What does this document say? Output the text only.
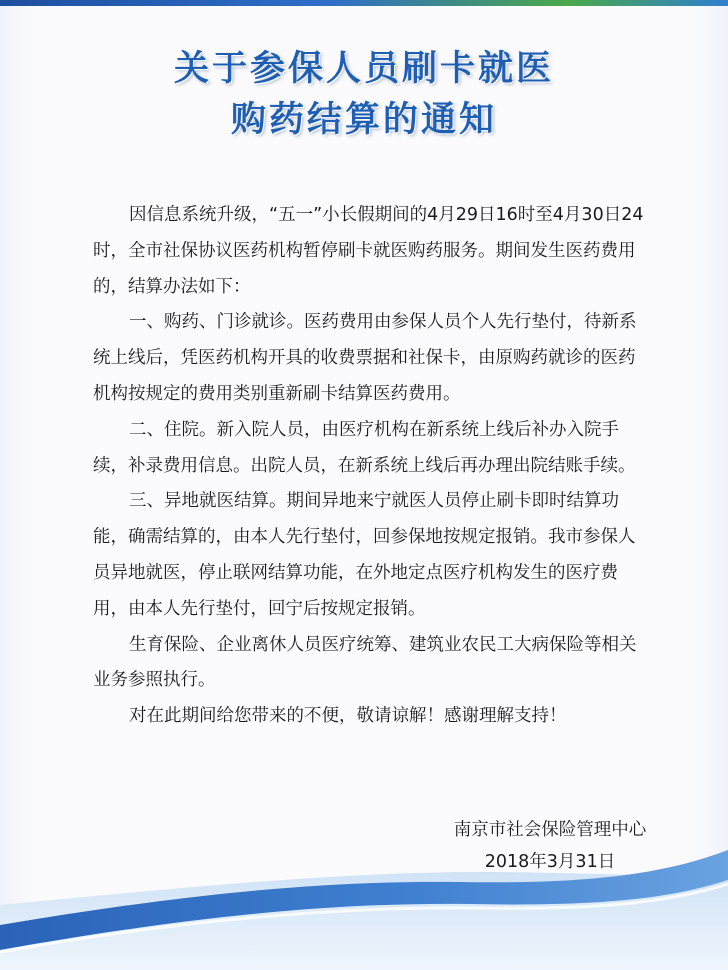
关于参保人员刷卡就医
购药结算的通知

因信息系统升级，“五一”小长假期间的4月29日16时至4月30日24时，全市社保协议医药机构暂停刷卡就医购药服务。期间发生医药费用的，结算办法如下：

一、购药、门诊就诊。医药费用由参保人员个人先行垫付，待新系统上线后，凭医药机构开具的收费票据和社保卡，由原购药就诊的医药机构按规定的费用类别重新刷卡结算医药费用。

二、住院。新入院人员，由医疗机构在新系统上线后补办入院手续，补录费用信息。出院人员，在新系统上线后再办理出院结账手续。

三、异地就医结算。期间异地来宁就医人员停止刷卡即时结算功能，确需结算的，由本人先行垫付，回参保地按规定报销。我市参保人员异地就医，停止联网结算功能，在外地定点医疗机构发生的医疗费用，由本人先行垫付，回宁后按规定报销。

生育保险、企业离休人员医疗统筹、建筑业农民工大病保险等相关业务参照执行。

对在此期间给您带来的不便，敬请谅解！感谢理解支持！

南京市社会保险管理中心
2018年3月31日
